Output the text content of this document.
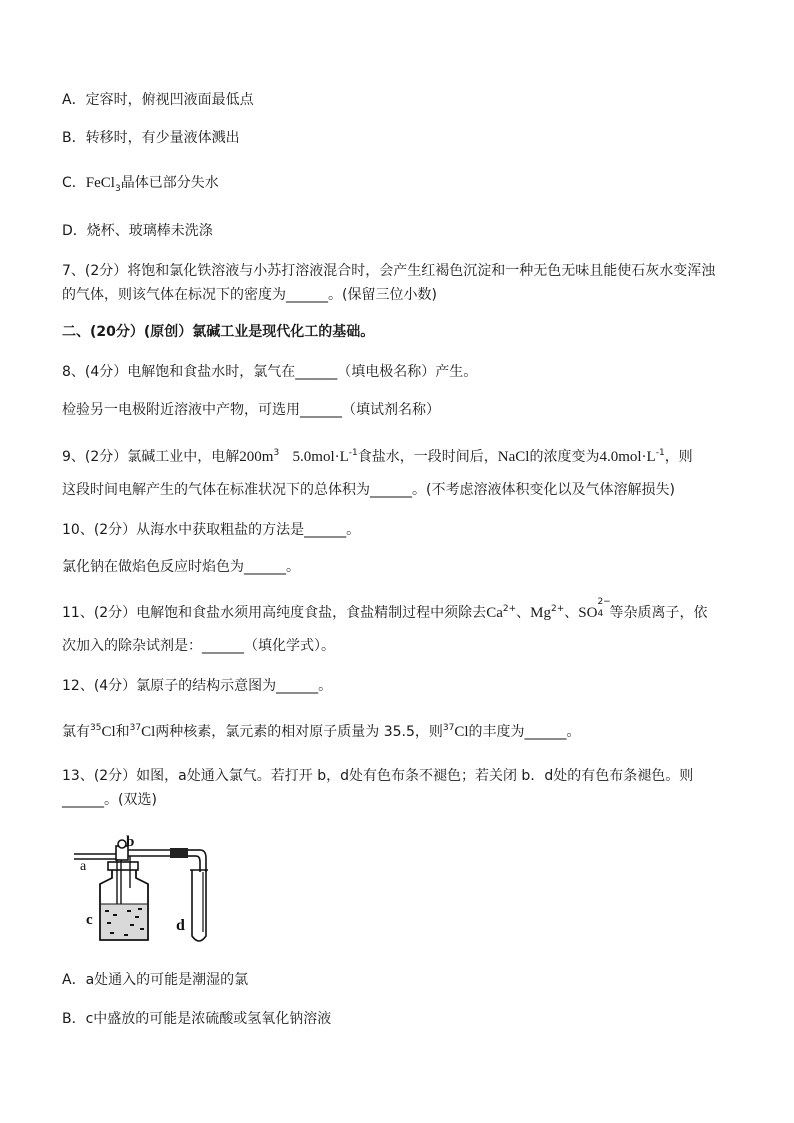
A．定容时，俯视凹液面最低点
B．转移时，有少量液体溅出
C．FeCl$_3$晶体已部分失水
D．烧杯、玻璃棒未洗涤
7、(2分）将饱和氯化铁溶液与小苏打溶液混合时，会产生红褐色沉淀和一种无色无味且能使石灰水变浑浊
的气体，则该气体在标况下的密度为______。(保留三位小数)
二、(20分）(原创）氯碱工业是现代化工的基础。
8、(4分）电解饱和食盐水时，氯气在______（填电极名称）产生。
检验另一电极附近溶液中产物，可选用______（填试剂名称）
9、(2分）氯碱工业中，电解$200m^3$ $5.0mol\cdot L^{-1}$食盐水，一段时间后，NaCl的浓度变为$4.0mol\cdot L^{-1}$，则
这段时间电解产生的气体在标准状况下的总体积为______。(不考虑溶液体积变化以及气体溶解损失)
10、(2分）从海水中获取粗盐的方法是______。
氯化钠在做焰色反应时焰色为______。
11、(2分）电解饱和食盐水须用高纯度食盐，食盐精制过程中须除去$Ca^{2+}$、$Mg^{2+}$、SO
2−
4 等杂质离子，依
次加入的除杂试剂是：______（填化学式）。
12、(4分）氯原子的结构示意图为______。
氯有$^{35}$Cl和$^{37}$Cl两种核素，氯元素的相对原子质量为 35.5，则$^{37}$Cl的丰度为______。
13、(2分）如图，a处通入氯气。若打开 b，d处有色布条不褪色；若关闭 b．d处的有色布条褪色。则
______。(双选)
a
b
c	d
A．a处通入的可能是潮湿的氯
B．c中盛放的可能是浓硫酸或氢氧化钠溶液
